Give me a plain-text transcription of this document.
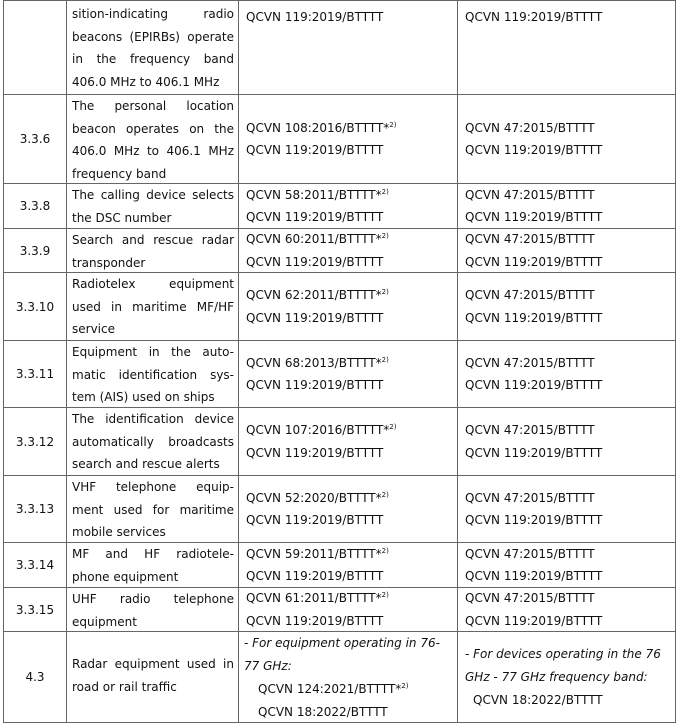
sition-indicating radio
beacons (EPIRBs) operate
in the frequency band
406.0 MHz to 406.1 MHz
QCVN 119:2019/BTTTT	QCVN 119:2019/BTTTT
3.3.6
The personal location
beacon operates on the
406.0 MHz to 406.1 MHz
frequency band
QCVN 108:2016/BTTTT*$^{2)}$
QCVN 119:2019/BTTTT
QCVN 47:2015/BTTTT
QCVN 119:2019/BTTTT
3.3.8
The calling device selects
the DSC number
QCVN 58:2011/BTTTT*$^{2)}$
QCVN 119:2019/BTTTT
QCVN 47:2015/BTTTT
QCVN 119:2019/BTTTT
3.3.9
Search and rescue radar
transponder
QCVN 60:2011/BTTTT*$^{2)}$
QCVN 119:2019/BTTTT
QCVN 47:2015/BTTTT
QCVN 119:2019/BTTTT
3.3.10
Radiotelex equipment
used in maritime MF/HF
service
QCVN 62:2011/BTTTT*$^{2)}$
QCVN 119:2019/BTTTT
QCVN 47:2015/BTTTT
QCVN 119:2019/BTTTT
3.3.11
Equipment in the auto-
matic identification sys-
tem (AIS) used on ships
QCVN 68:2013/BTTTT*$^{2)}$
QCVN 119:2019/BTTTT
QCVN 47:2015/BTTTT
QCVN 119:2019/BTTTT
3.3.12
The identification device
automatically broadcasts
search and rescue alerts
QCVN 107:2016/BTTTT*$^{2)}$
QCVN 119:2019/BTTTT
QCVN 47:2015/BTTTT
QCVN 119:2019/BTTTT
3.3.13
VHF telephone equip-
ment used for maritime
mobile services
QCVN 52:2020/BTTTT*$^{2)}$
QCVN 119:2019/BTTTT
QCVN 47:2015/BTTTT
QCVN 119:2019/BTTTT
3.3.14
MF and HF radiotele-
phone equipment
QCVN 59:2011/BTTTT*$^{2)}$
QCVN 119:2019/BTTTT
QCVN 47:2015/BTTTT
QCVN 119:2019/BTTTT
3.3.15
UHF radio telephone
equipment
QCVN 61:2011/BTTTT*$^{2)}$
QCVN 119:2019/BTTTT
QCVN 47:2015/BTTTT
QCVN 119:2019/BTTTT
4.3
Radar equipment used in
road or rail traffic
- For equipment operating in 76-
77 GHz:
QCVN 124:2021/BTTTT*$^{2)}$
QCVN 18:2022/BTTTT
- For devices operating in the 76
GHz - 77 GHz frequency band:
QCVN 18:2022/BTTTT
